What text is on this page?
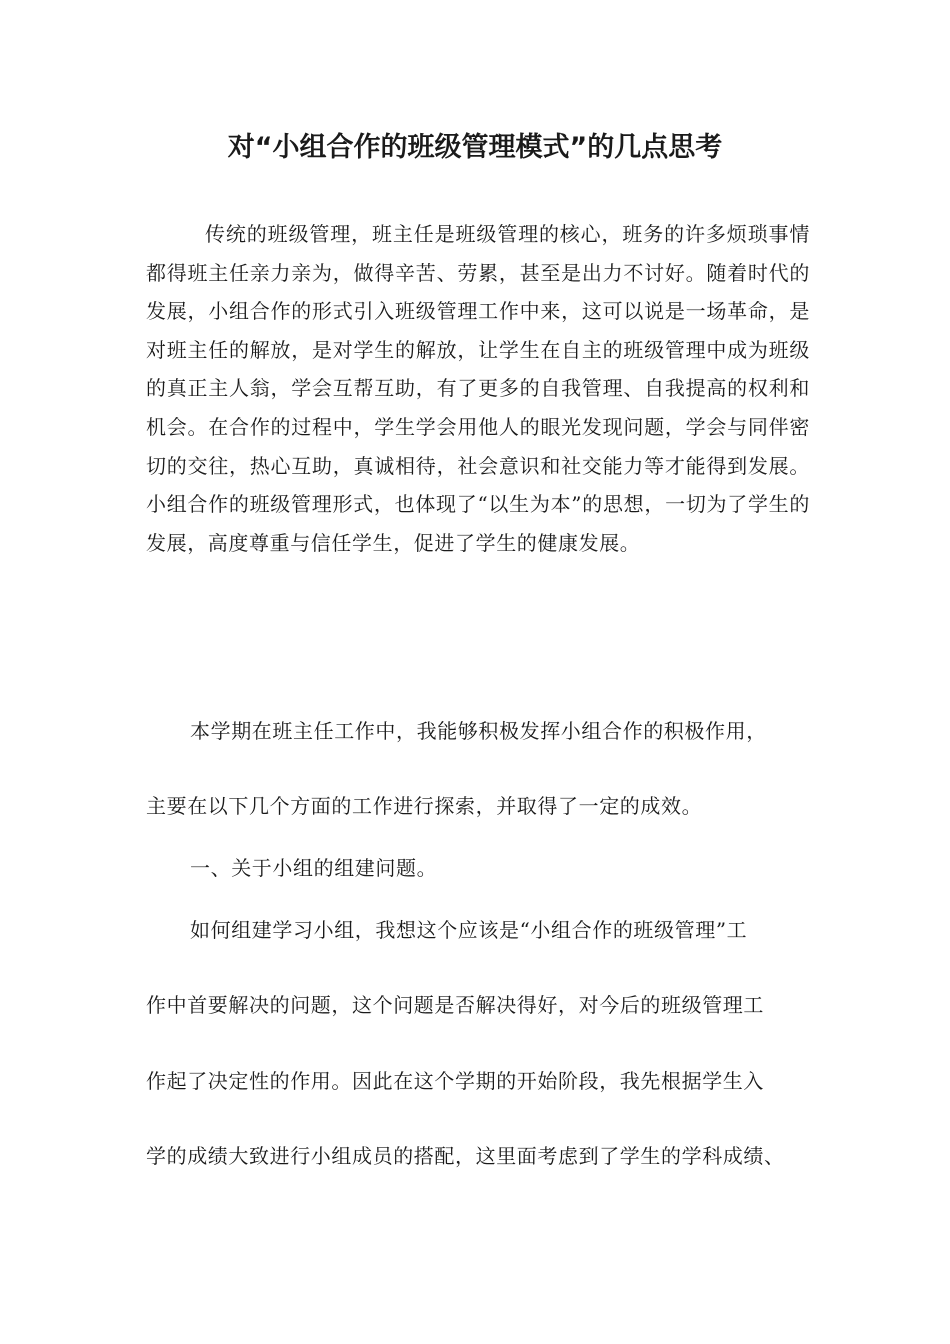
对“小组合作的班级管理模式”的几点思考

传统的班级管理，班主任是班级管理的核心，班务的许多烦琐事情都得班主任亲力亲为，做得辛苦、劳累，甚至是出力不讨好。随着时代的发展，小组合作的形式引入班级管理工作中来，这可以说是一场革命，是对班主任的解放，是对学生的解放，让学生在自主的班级管理中成为班级的真正主人翁，学会互帮互助，有了更多的自我管理、自我提高的权利和机会。在合作的过程中，学生学会用他人的眼光发现问题，学会与同伴密切的交往，热心互助，真诚相待，社会意识和社交能力等才能得到发展。小组合作的班级管理形式，也体现了“以生为本”的思想，一切为了学生的发展，高度尊重与信任学生，促进了学生的健康发展。

本学期在班主任工作中，我能够积极发挥小组合作的积极作用，

主要在以下几个方面的工作进行探索，并取得了一定的成效。

一、关于小组的组建问题。

如何组建学习小组，我想这个应该是“小组合作的班级管理”工

作中首要解决的问题，这个问题是否解决得好，对今后的班级管理工

作起了决定性的作用。因此在这个学期的开始阶段，我先根据学生入

学的成绩大致进行小组成员的搭配，这里面考虑到了学生的学科成绩、
